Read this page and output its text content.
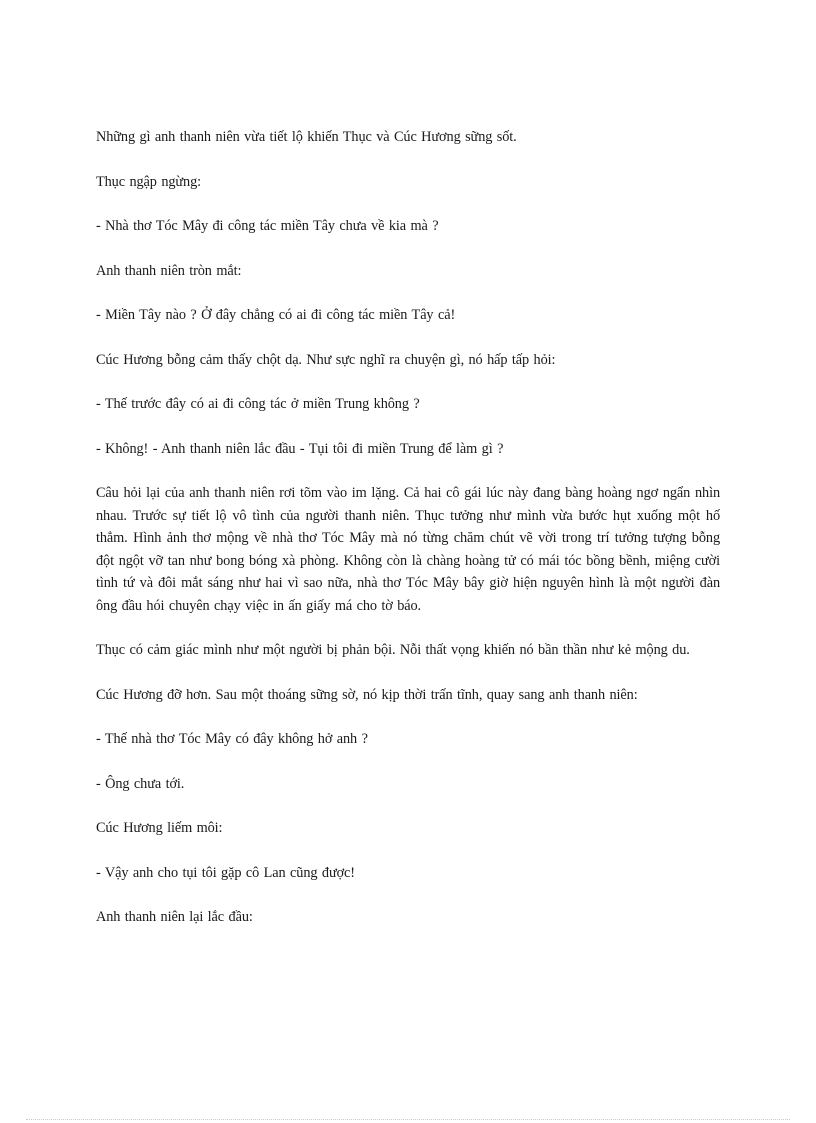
Những gì anh thanh niên vừa tiết lộ khiến Thục và Cúc Hương sững sốt.

Thục ngập ngừng:

- Nhà thơ Tóc Mây đi công tác miền Tây chưa về kia mà ?

Anh thanh niên tròn mắt:

- Miền Tây nào ? Ở đây chẳng có ai đi công tác miền Tây cả!

Cúc Hương bỗng cảm thấy chột dạ. Như sực nghĩ ra chuyện gì, nó hấp tấp hỏi:

- Thế trước đây có ai đi công tác ở miền Trung không ?

- Không! - Anh thanh niên lắc đầu - Tụi tôi đi miền Trung để làm gì ?

Câu hỏi lại của anh thanh niên rơi tõm vào im lặng. Cả hai cô gái lúc này đang bàng hoàng ngơ ngẩn nhìn nhau. Trước sự tiết lộ vô tình của người thanh niên. Thục tưởng như mình vừa bước hụt xuống một hố thẳm. Hình ảnh thơ mộng về nhà thơ Tóc Mây mà nó từng chăm chút vẽ vời trong trí tưởng tượng bỗng đột ngột vỡ tan như bong bóng xà phòng. Không còn là chàng hoàng tử có mái tóc bồng bềnh, miệng cười tình tứ và đôi mắt sáng như hai vì sao nữa, nhà thơ Tóc Mây bây giờ hiện nguyên hình là một người đàn ông đầu hói chuyên chạy việc in ấn giấy má cho tờ báo.

Thục có cảm giác mình như một người bị phản bội. Nỗi thất vọng khiến nó bần thần như kẻ mộng du.

Cúc Hương đỡ hơn. Sau một thoáng sững sờ, nó kịp thời trấn tĩnh, quay sang anh thanh niên:

- Thế nhà thơ Tóc Mây có đây không hở anh ?

- Ông chưa tới.

Cúc Hương liếm môi:

- Vậy anh cho tụi tôi gặp cô Lan cũng được!

Anh thanh niên lại lắc đầu:
